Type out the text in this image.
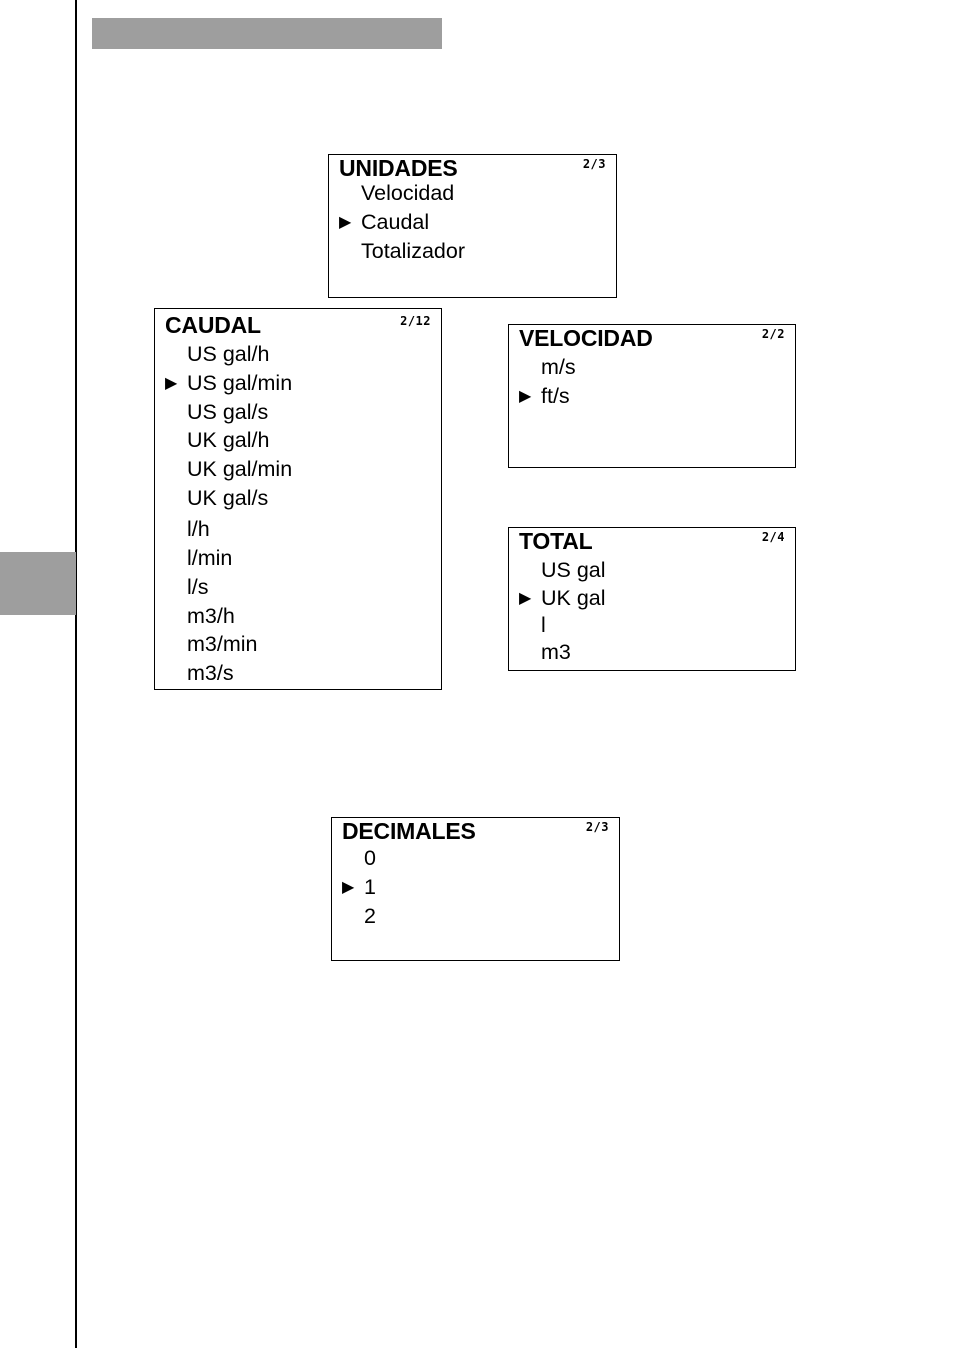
UNIDADES	2/3
Velocidad
▶ Caudal
Totalizador
CAUDAL	2/12
US gal/h
▶ US gal/min
US gal/s
UK gal/h
UK gal/min
UK gal/s
l/h
l/min
l/s
m3/h
m3/min
m3/s
VELOCIDAD	2/2
m/s
▶ ft/s
TOTAL	2/4
US gal
▶ UK gal
l
m3
DECIMALES	2/3
0
▶ 1
2
